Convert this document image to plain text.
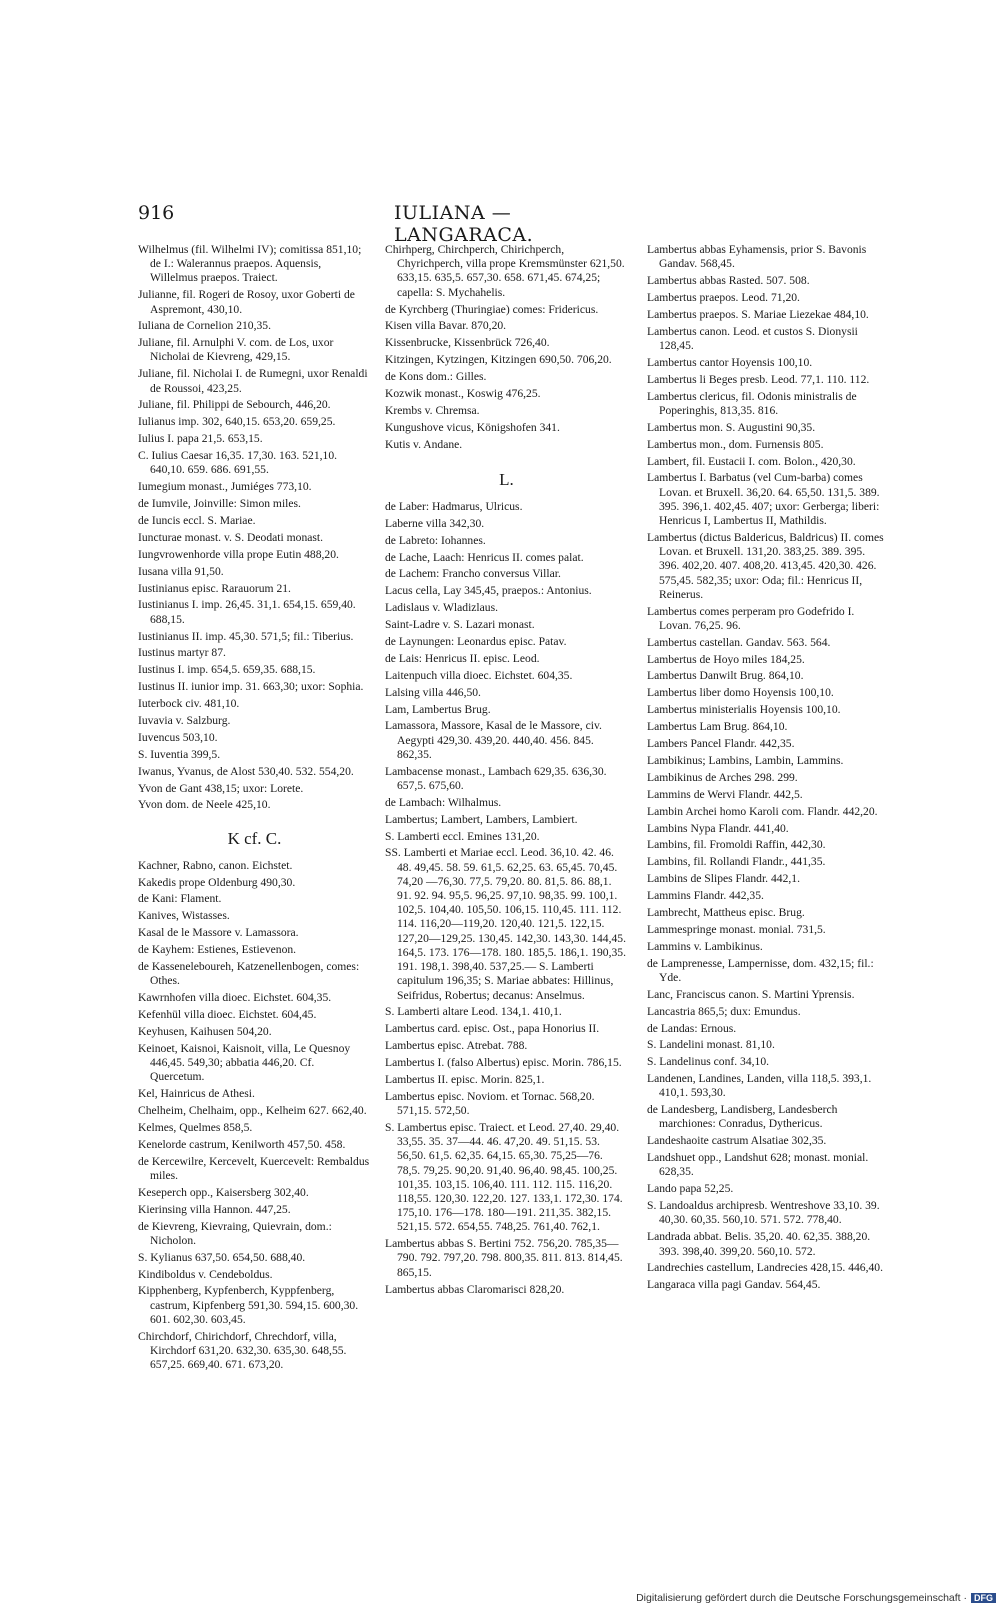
916	IULIANA — LANGARACA.
Wilhelmus (fil. Wilhelmi IV); comitissa 851,10; de I.: Walerannus praepos. Aquensis, Willelmus praepos. Traiect.
Julianne, fil. Rogeri de Rosoy, uxor Goberti de Aspremont, 430,10.
Iuliana de Cornelion 210,35.
Juliane, fil. Arnulphi V. com. de Los, uxor Nicholai de Kievreng, 429,15.
Juliane, fil. Nicholai I. de Rumegni, uxor Renaldi de Roussoi, 423,25.
Juliane, fil. Philippi de Sebourch, 446,20.
Iulianus imp. 302, 640,15. 653,20. 659,25.
Iulius I. papa 21,5. 653,15.
C. Iulius Caesar 16,35. 17,30. 163. 521,10. 640,10. 659. 686. 691,55.
Iumegium monast., Jumiéges 773,10.
de Iumvile, Joinville: Simon miles.
de Iuncis eccl. S. Mariae.
Iuncturae monast. v. S. Deodati monast.
Iungvrowenhorde villa prope Eutin 488,20.
Iusana villa 91,50.
Iustinianus episc. Rarauorum 21.
Iustinianus I. imp. 26,45. 31,1. 654,15. 659,40. 688,15.
Iustinianus II. imp. 45,30. 571,5; fil.: Tiberius.
Iustinus martyr 87.
Iustinus I. imp. 654,5. 659,35. 688,15.
Iustinus II. iunior imp. 31. 663,30; uxor: Sophia.
Iuterbock civ. 481,10.
Iuvavia v. Salzburg.
Iuvencus 503,10.
S. Iuventia 399,5.
Iwanus, Yvanus, de Alost 530,40. 532. 554,20.
Yvon de Gant 438,15; uxor: Lorete.
Yvon dom. de Neele 425,10.
K cf. C.
Kachner, Rabno, canon. Eichstet.
Kakedis prope Oldenburg 490,30.
de Kani: Flament.
Kanives, Wistasses.
Kasal de le Massore v. Lamassora.
de Kayhem: Estienes, Estievenon.
de Kasseneleboureh, Katzenellenbogen, comes: Othes.
Kawrnhofen villa dioec. Eichstet. 604,35.
Kefenhül villa dioec. Eichstet. 604,45.
Keyhusen, Kaihusen 504,20.
Keinoet, Kaisnoi, Kaisnoit, villa, Le Quesnoy 446,45. 549,30; abbatia 446,20. Cf. Quercetum.
Kel, Hainricus de Athesi.
Chelheim, Chelhaim, opp., Kelheim 627. 662,40.
Kelmes, Quelmes 858,5.
Kenelorde castrum, Kenilworth 457,50. 458.
de Kercewilre, Kercevelt, Kuercevelt: Rembaldus miles.
Keseperch opp., Kaisersberg 302,40.
Kierinsing villa Hannon. 447,25.
de Kievreng, Kievraing, Quievrain, dom.: Nicholon.
S. Kylianus 637,50. 654,50. 688,40.
Kindiboldus v. Cendeboldus.
Kipphenberg, Kypfenberch, Kyppfenberg, castrum, Kipfenberg 591,30. 594,15. 600,30. 601. 602,30. 603,45.
Chirchdorf, Chirichdorf, Chrechdorf, villa, Kirchdorf 631,20. 632,30. 635,30. 648,55. 657,25. 669,40. 671. 673,20.
Chirhperg, Chirchperch, Chirichperch, Chyrichperch, villa prope Kremsmünster 621,50. 633,15. 635,5. 657,30. 658. 671,45. 674,25; capella: S. Mychahelis.
de Kyrchberg (Thuringiae) comes: Fridericus.
Kisen villa Bavar. 870,20.
Kissenbrucke, Kissenbrück 726,40.
Kitzingen, Kytzingen, Kitzingen 690,50. 706,20.
de Kons dom.: Gilles.
Kozwik monast., Koswig 476,25.
Krembs v. Chremsa.
Kungushove vicus, Königshofen 341.
Kutis v. Andane.
L.
de Laber: Hadmarus, Ulricus.
Laberne villa 342,30.
de Labreto: Iohannes.
de Lache, Laach: Henricus II. comes palat.
de Lachem: Francho conversus Villar.
Lacus cella, Lay 345,45, praepos.: Antonius.
Ladislaus v. Wladizlaus.
Saint-Ladre v. S. Lazari monast.
de Laynungen: Leonardus episc. Patav.
de Lais: Henricus II. episc. Leod.
Laitenpuch villa dioec. Eichstet. 604,35.
Lalsing villa 446,50.
Lam, Lambertus Brug.
Lamassora, Massore, Kasal de le Massore, civ. Aegypti 429,30. 439,20. 440,40. 456. 845. 862,35.
Lambacense monast., Lambach 629,35. 636,30. 657,5. 675,60.
de Lambach: Wilhalmus.
Lambertus; Lambert, Lambers, Lambiert.
S. Lamberti eccl. Emines 131,20.
SS. Lamberti et Mariae eccl. Leod. 36,10. 42. 46. 48. 49,45. 58. 59. 61,5. 62,25. 63. 65,45. 70,45. 74,20 —76,30. 77,5. 79,20. 80. 81,5. 86. 88,1. 91. 92. 94. 95,5. 96,25. 97,10. 98,35. 99. 100,1. 102,5. 104,40. 105,50. 106,15. 110,45. 111. 112. 114. 116,20—119,20. 120,40. 121,5. 122,15. 127,20—129,25. 130,45. 142,30. 143,30. 144,45. 164,5. 173. 176—178. 180. 185,5. 186,1. 190,35. 191. 198,1. 398,40. 537,25.— S. Lamberti capitulum 196,35; S. Mariae abbates: Hillinus, Seifridus, Robertus; decanus: Anselmus.
S. Lamberti altare Leod. 134,1. 410,1.
Lambertus card. episc. Ost., papa Honorius II.
Lambertus episc. Atrebat. 788.
Lambertus I. (falso Albertus) episc. Morin. 786,15.
Lambertus II. episc. Morin. 825,1.
Lambertus episc. Noviom. et Tornac. 568,20. 571,15. 572,50.
S. Lambertus episc. Traiect. et Leod. 27,40. 29,40. 33,55. 35. 37—44. 46. 47,20. 49. 51,15. 53. 56,50. 61,5. 62,35. 64,15. 65,30. 75,25—76. 78,5. 79,25. 90,20. 91,40. 96,40. 98,45. 100,25. 101,35. 103,15. 106,40. 111. 112. 115. 116,20. 118,55. 120,30. 122,20. 127. 133,1. 172,30. 174. 175,10. 176—178. 180—191. 211,35. 382,15. 521,15. 572. 654,55. 748,25. 761,40. 762,1.
Lambertus abbas S. Bertini 752. 756,20. 785,35—790. 792. 797,20. 798. 800,35. 811. 813. 814,45. 865,15.
Lambertus abbas Claromarisci 828,20.
Lambertus abbas Eyhamensis, prior S. Bavonis Gandav. 568,45.
Lambertus abbas Rasted. 507. 508.
Lambertus praepos. Leod. 71,20.
Lambertus praepos. S. Mariae Liezekae 484,10.
Lambertus canon. Leod. et custos S. Dionysii 128,45.
Lambertus cantor Hoyensis 100,10.
Lambertus li Beges presb. Leod. 77,1. 110. 112.
Lambertus clericus, fil. Odonis ministralis de Poperinghis, 813,35. 816.
Lambertus mon. S. Augustini 90,35.
Lambertus mon., dom. Furnensis 805.
Lambert, fil. Eustacii I. com. Bolon., 420,30.
Lambertus I. Barbatus (vel Cum-barba) comes Lovan. et Bruxell. 36,20. 64. 65,50. 131,5. 389. 395. 396,1. 402,45. 407; uxor: Gerberga; liberi: Henricus I, Lambertus II, Mathildis.
Lambertus (dictus Baldericus, Baldricus) II. comes Lovan. et Bruxell. 131,20. 383,25. 389. 395. 396. 402,20. 407. 408,20. 413,45. 420,30. 426. 575,45. 582,35; uxor: Oda; fil.: Henricus II, Reinerus.
Lambertus comes perperam pro Godefrido I. Lovan. 76,25. 96.
Lambertus castellan. Gandav. 563. 564.
Lambertus de Hoyo miles 184,25.
Lambertus Danwilt Brug. 864,10.
Lambertus liber domo Hoyensis 100,10.
Lambertus ministerialis Hoyensis 100,10.
Lambertus Lam Brug. 864,10.
Lambers Pancel Flandr. 442,35.
Lambikinus; Lambins, Lambin, Lammins.
Lambikinus de Arches 298. 299.
Lammins de Wervi Flandr. 442,5.
Lambin Archei homo Karoli com. Flandr. 442,20.
Lambins Nypa Flandr. 441,40.
Lambins, fil. Fromoldi Raffin, 442,30.
Lambins, fil. Rollandi Flandr., 441,35.
Lambins de Slipes Flandr. 442,1.
Lammins Flandr. 442,35.
Lambrecht, Mattheus episc. Brug.
Lammespringe monast. monial. 731,5.
Lammins v. Lambikinus.
de Lamprenesse, Lampernisse, dom. 432,15; fil.: Yde.
Lanc, Franciscus canon. S. Martini Yprensis.
Lancastria 865,5; dux: Emundus.
de Landas: Ernous.
S. Landelini monast. 81,10.
S. Landelinus conf. 34,10.
Landenen, Landines, Landen, villa 118,5. 393,1. 410,1. 593,30.
de Landesberg, Landisberg, Landesberch marchiones: Conradus, Dythericus.
Landeshaoite castrum Alsatiae 302,35.
Landshuet opp., Landshut 628; monast. monial. 628,35.
Lando papa 52,25.
S. Landoaldus archipresb. Wentreshove 33,10. 39. 40,30. 60,35. 560,10. 571. 572. 778,40.
Landrada abbat. Belis. 35,20. 40. 62,35. 388,20. 393. 398,40. 399,20. 560,10. 572.
Landrechies castellum, Landrecies 428,15. 446,40.
Langaraca villa pagi Gandav. 564,45.
Digitalisierung gefördert durch die Deutsche Forschungsgemeinschaft · DFG
